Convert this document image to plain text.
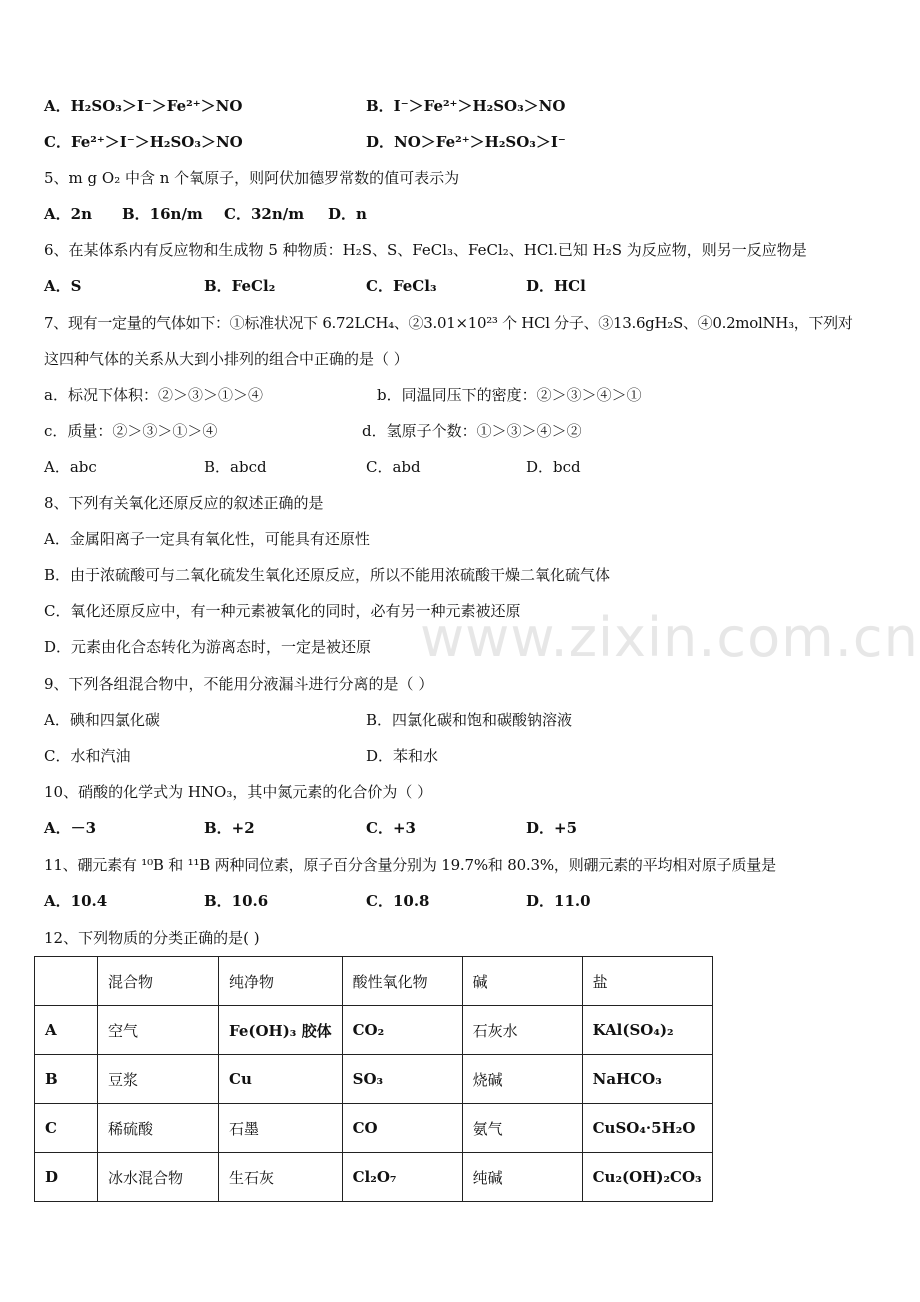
www.zixin.com.cn
A．H₂SO₃＞I⁻＞Fe²⁺＞NO	B．I⁻＞Fe²⁺＞H₂SO₃＞NO
C．Fe²⁺＞I⁻＞H₂SO₃＞NO	D．NO＞Fe²⁺＞H₂SO₃＞I⁻
5、m g O₂ 中含 n 个氧原子，则阿伏加德罗常数的值可表示为
A．2n B．16n/m C．32n/m D．n
6、在某体系内有反应物和生成物 5 种物质：H₂S、S、FeCl₃、FeCl₂、HCl.已知 H₂S 为反应物，则另一反应物是
A．S	B．FeCl₂	C．FeCl₃	D．HCl
7、现有一定量的气体如下：①标准状况下 6.72LCH₄、②3.01×10²³ 个 HCl 分子、③13.6gH₂S、④0.2molNH₃，下列对
这四种气体的关系从大到小排列的组合中正确的是（ ）
a．标况下体积：②＞③＞①＞④	b．同温同压下的密度：②＞③＞④＞①
c．质量：②＞③＞①＞④	d．氢原子个数：①＞③＞④＞②
A．abc	B．abcd	C．abd	D．bcd
8、下列有关氧化还原反应的叙述正确的是
A．金属阳离子一定具有氧化性，可能具有还原性
B．由于浓硫酸可与二氧化硫发生氧化还原反应，所以不能用浓硫酸干燥二氧化硫气体
C．氧化还原反应中，有一种元素被氧化的同时，必有另一种元素被还原
D．元素由化合态转化为游离态时，一定是被还原
9、下列各组混合物中，不能用分液漏斗进行分离的是（ ）
A．碘和四氯化碳	B．四氯化碳和饱和碳酸钠溶液
C．水和汽油	D．苯和水
10、硝酸的化学式为 HNO₃，其中氮元素的化合价为（ ）
A．－3	B．+2	C．+3	D．+5
11、硼元素有 ¹⁰B 和 ¹¹B 两种同位素，原子百分含量分别为 19.7%和 80.3%，则硼元素的平均相对原子质量是
A．10.4	B．10.6	C．10.8	D．11.0
12、下列物质的分类正确的是( )
	混合物	纯净物	酸性氧化物	碱	盐
A	空气	Fe(OH)₃ 胶体	CO₂	石灰水	KAl(SO₄)₂
B	豆浆	Cu	SO₃	烧碱	NaHCO₃
C	稀硫酸	石墨	CO	氨气	CuSO₄·5H₂O
D	冰水混合物	生石灰	Cl₂O₇	纯碱	Cu₂(OH)₂CO₃
